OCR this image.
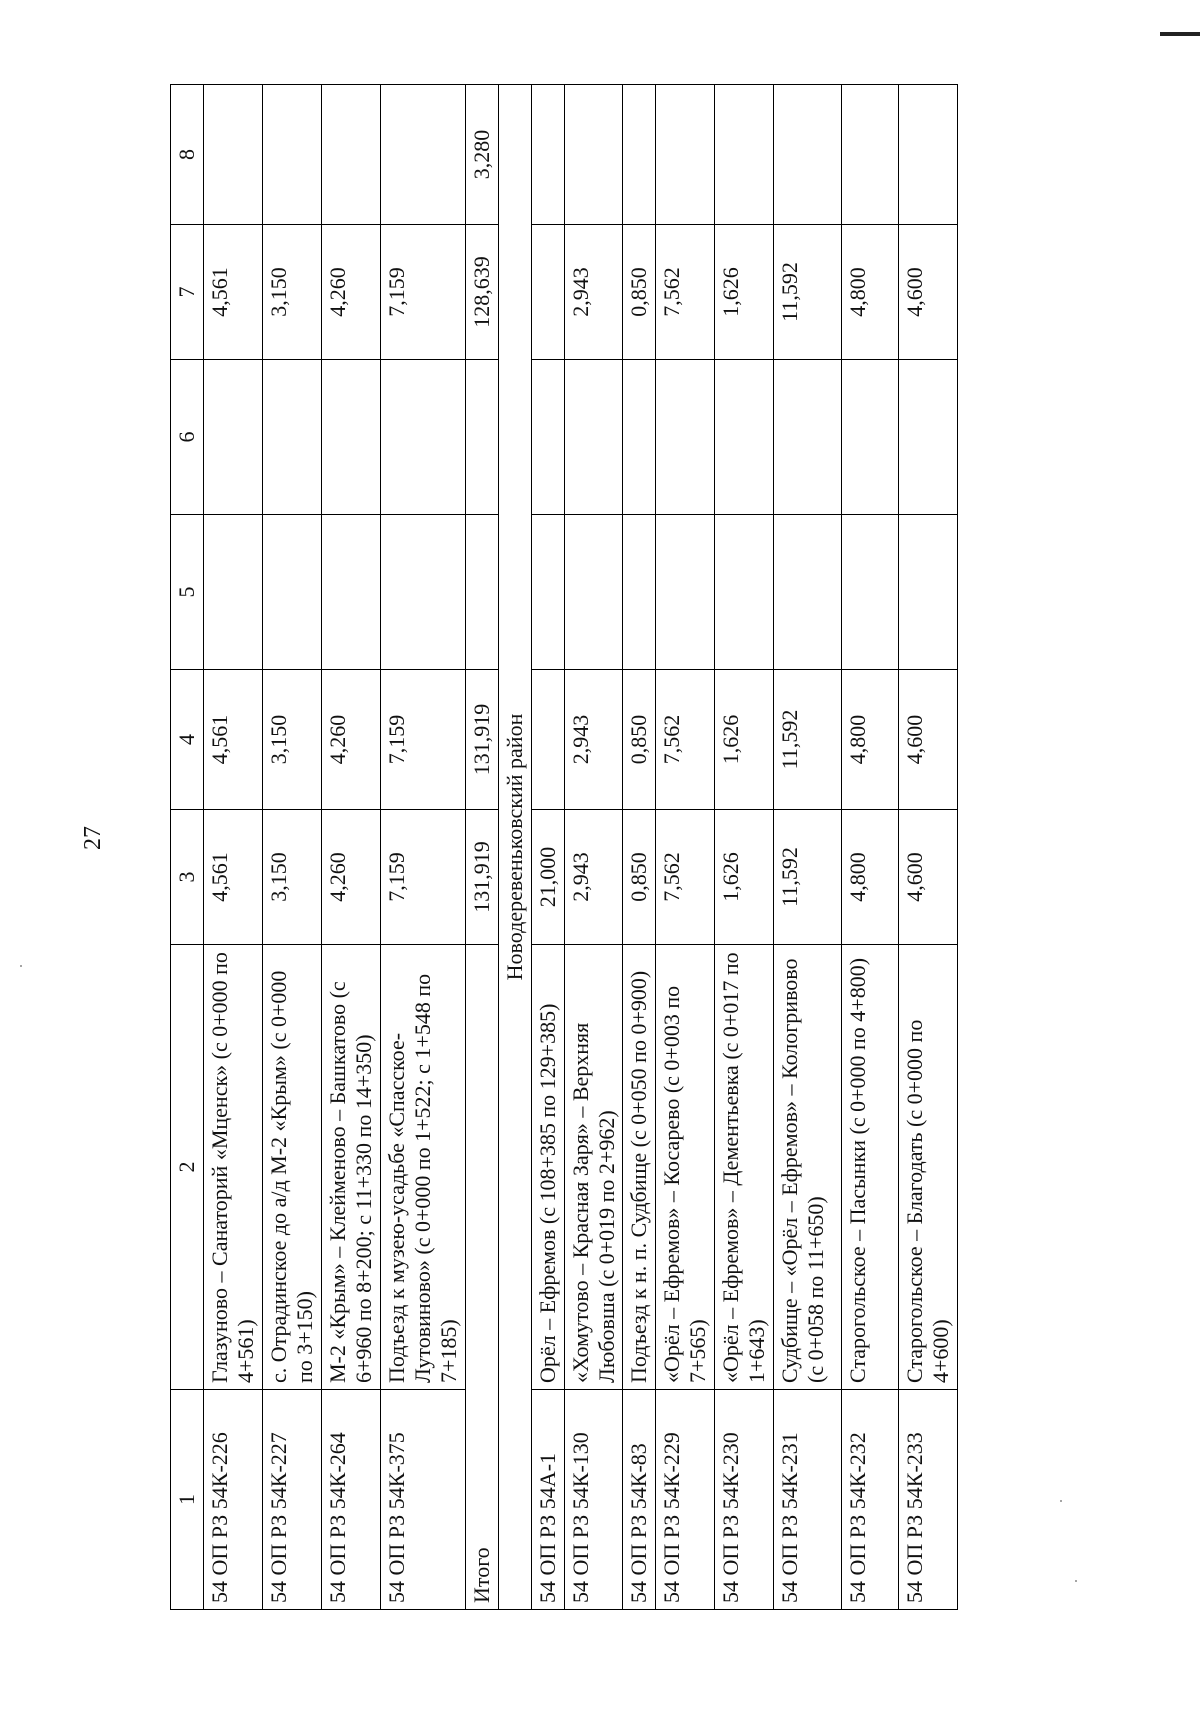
27
1	2	3	4	5	6	7	8
54 ОП РЗ 54К-226	Глазуново – Санаторий «Мценск» (с 0+000 по 4+561)	4,561	4,561			4,561	
54 ОП РЗ 54К-227	с. Отрадинское до а/д М-2 «Крым» (с 0+000 по 3+150)	3,150	3,150			3,150	
54 ОП РЗ 54К-264	М-2 «Крым» – Клейменово – Башкатово (с 6+960 по 8+200; с 11+330 по 14+350)	4,260	4,260			4,260	
54 ОП РЗ 54К-375	Подъезд к музею-усадьбе «Спасское-Лутовиново» (с 0+000 по 1+522; с 1+548 по 7+185)	7,159	7,159			7,159	
Итого		131,919	131,919			128,639	3,280
Новодеревеньковский район							
54 ОП РЗ 54А-1	Орёл – Ефремов (с 108+385 по 129+385)	21,000					
54 ОП РЗ 54К-130	«Хомутово – Красная Заря» – Верхняя Любовша (с 0+019 по 2+962)	2,943	2,943			2,943	
54 ОП РЗ 54К-83	Подъезд к н. п. Судбище (с 0+050 по 0+900)	0,850	0,850			0,850	
54 ОП РЗ 54К-229	«Орёл – Ефремов» – Косарево (с 0+003 по 7+565)	7,562	7,562			7,562	
54 ОП РЗ 54К-230	«Орёл – Ефремов» – Дементьевка (с 0+017 по 1+643)	1,626	1,626			1,626	
54 ОП РЗ 54К-231	Судбище – «Орёл – Ефремов» – Кологривово (с 0+058 по 11+650)	11,592	11,592			11,592	
54 ОП РЗ 54К-232	Старогольское – Пасынки (с 0+000 по 4+800)	4,800	4,800			4,800	
54 ОП РЗ 54К-233	Старогольское – Благодать (с 0+000 по 4+600)	4,600	4,600			4,600	
